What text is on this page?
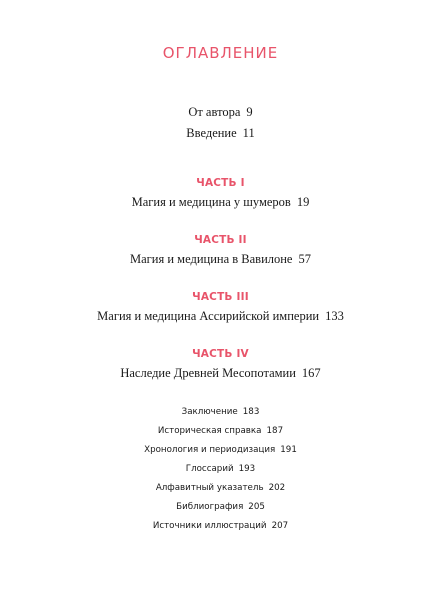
ОГЛАВЛЕНИЕ
От автора 9
Введение 11
ЧАСТЬ I
Магия и медицина у шумеров 19
ЧАСТЬ II
Магия и медицина в Вавилоне 57
ЧАСТЬ III
Магия и медицина Ассирийской империи 133
ЧАСТЬ IV
Наследие Древней Месопотамии 167
Заключение 183
Историческая справка 187
Хронология и периодизация 191
Глоссарий 193
Алфавитный указатель 202
Библиография 205
Источники иллюстраций 207
